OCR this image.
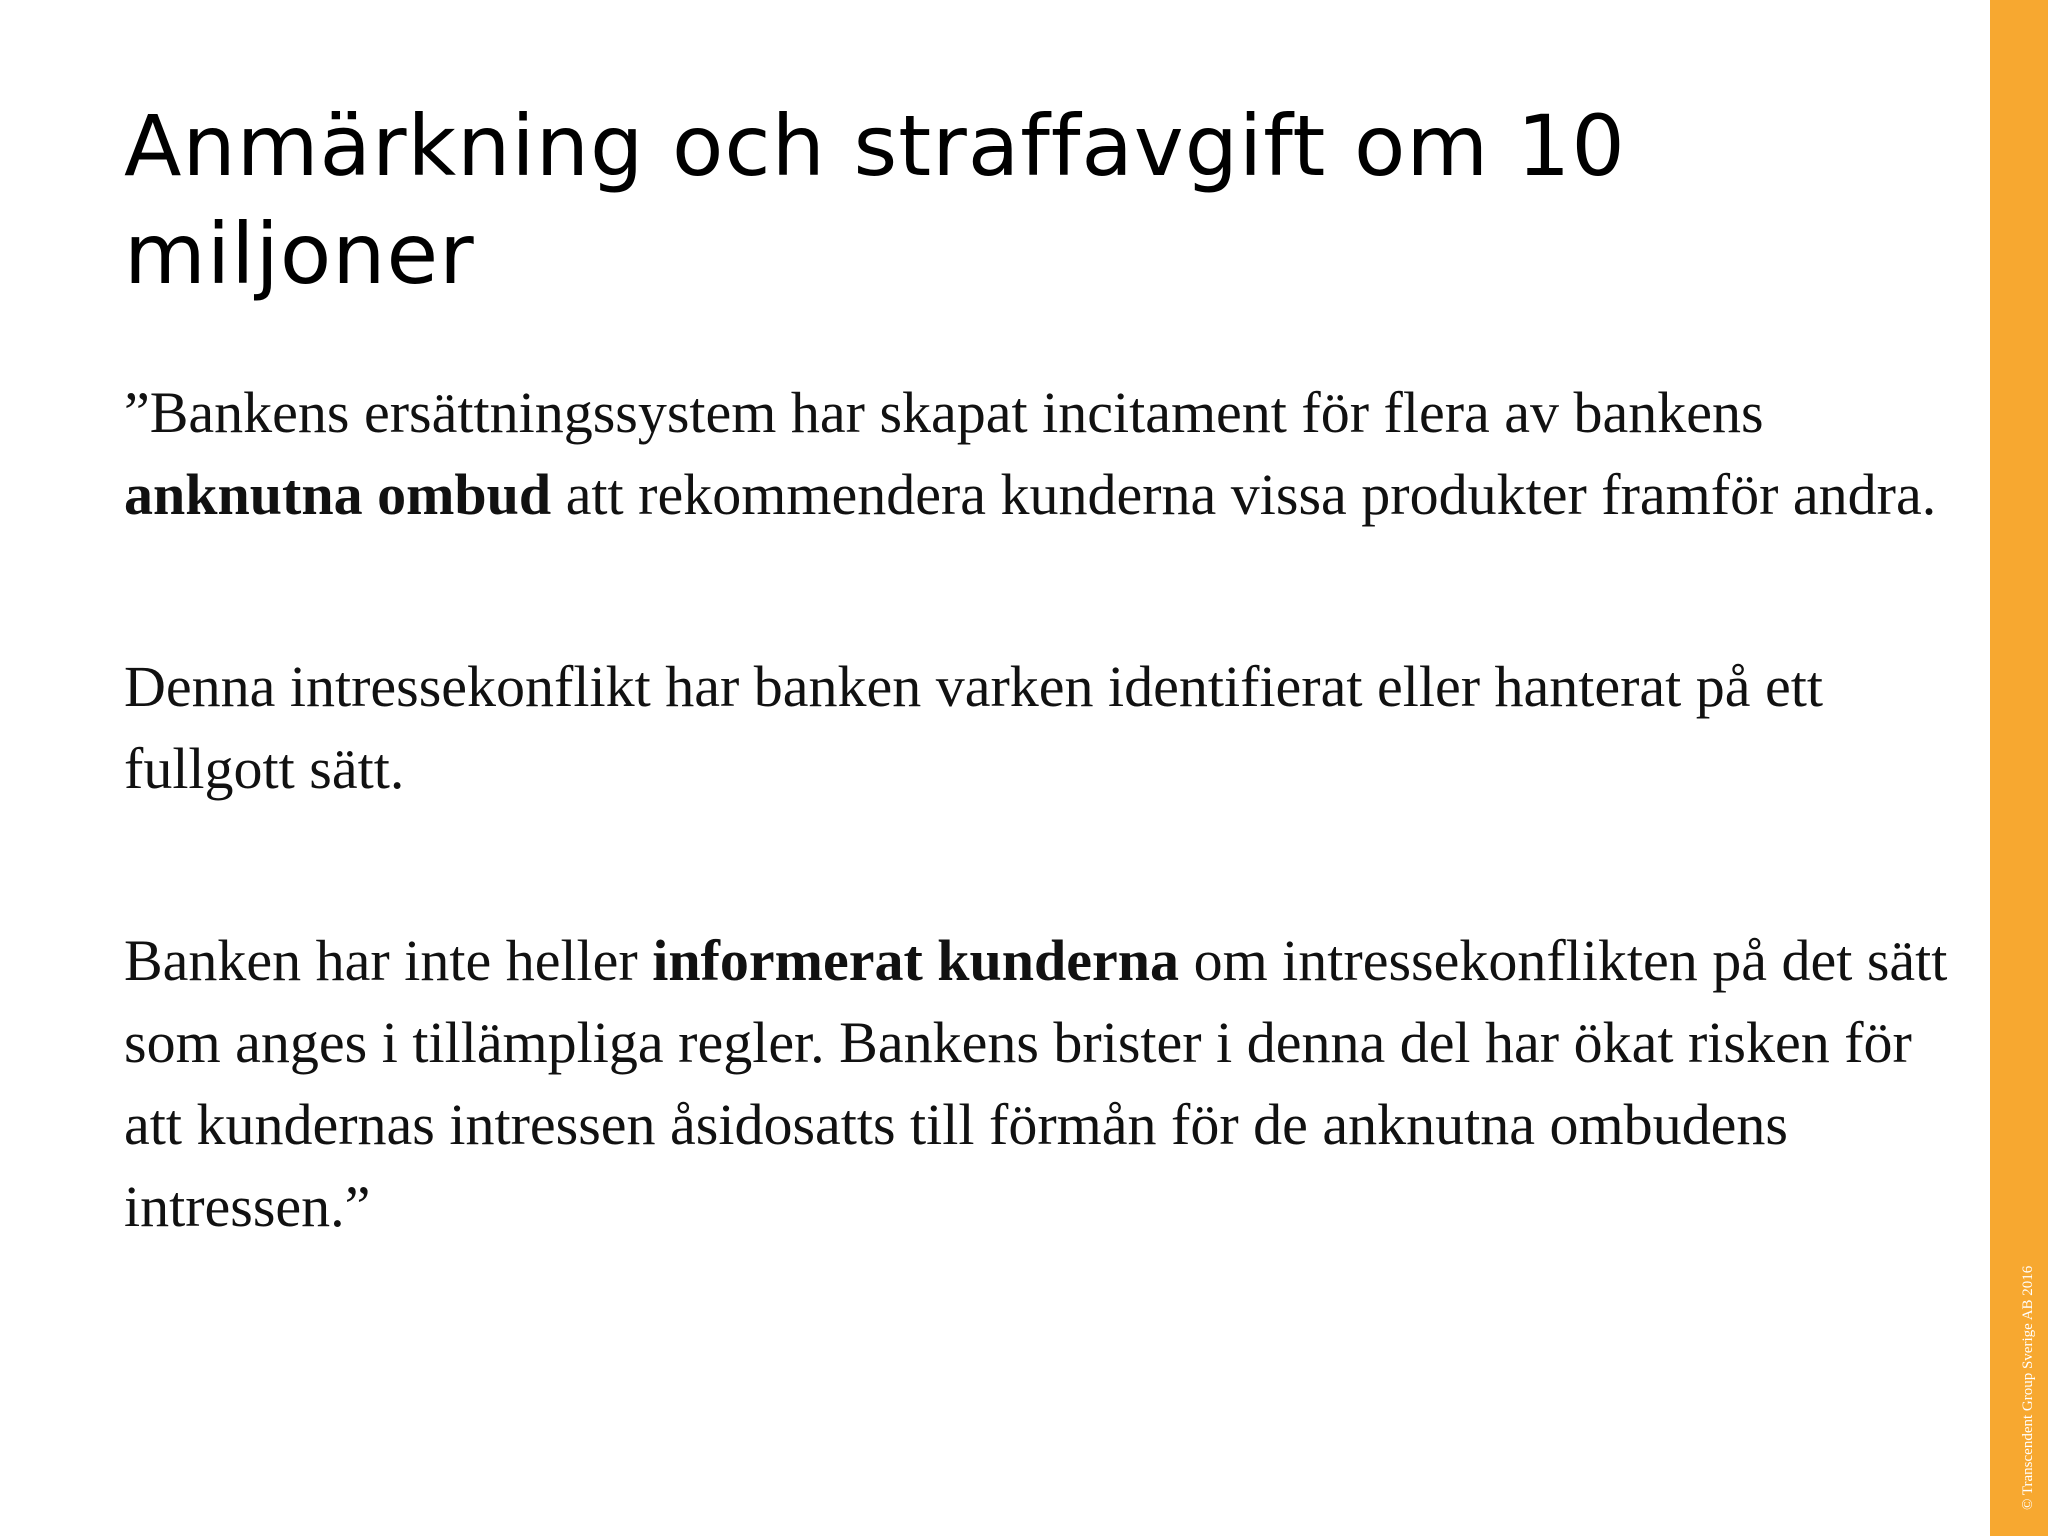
Anmärkning och straffavgift om 10 miljoner

”Bankens ersättningssystem har skapat incitament för flera av bankens anknutna ombud att rekommendera kunderna vissa produkter framför andra.

Denna intressekonflikt har banken varken identifierat eller hanterat på ett fullgott sätt.

Banken har inte heller informerat kunderna om intressekonflikten på det sätt som anges i tillämpliga regler. Bankens brister i denna del har ökat risken för att kundernas intressen åsidosatts till förmån för de anknutna ombudens intressen.”

© Transcendent Group Sverige AB 2016
